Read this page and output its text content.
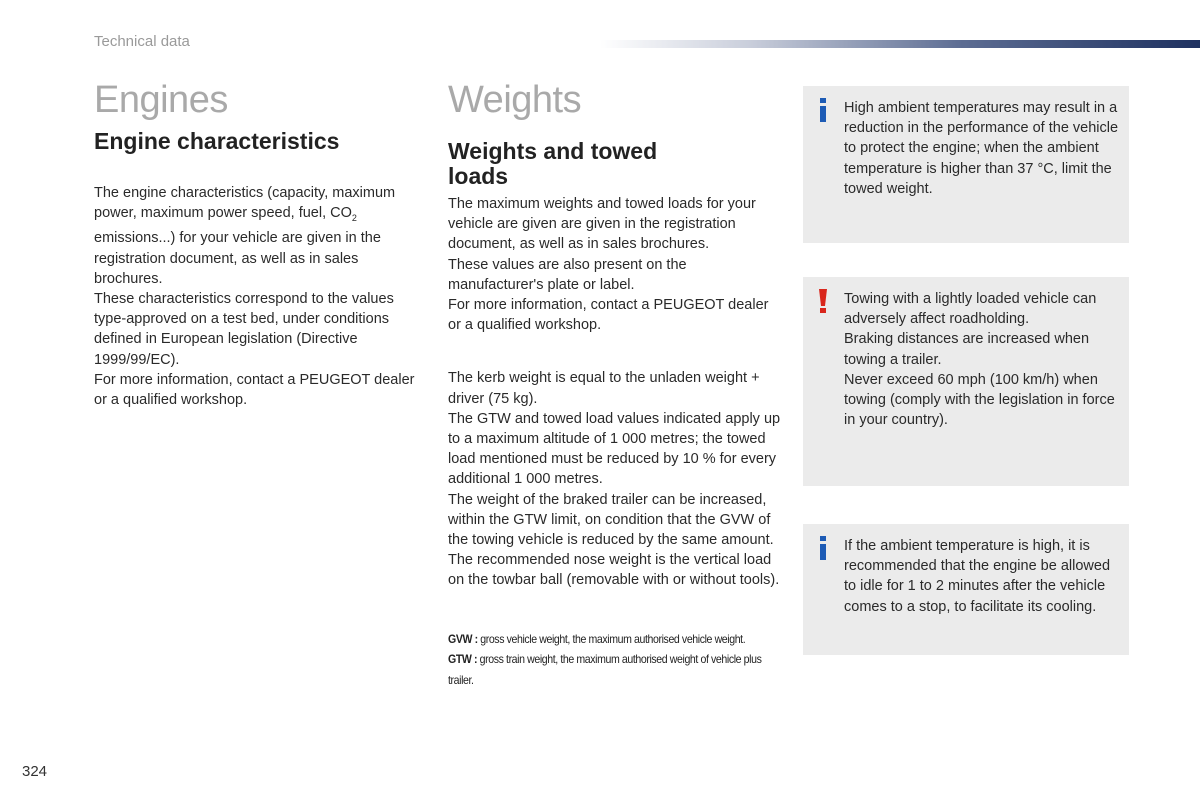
Technical data
Engines
Engine characteristics

The engine characteristics (capacity, maximum power, maximum power speed, fuel, $CO_2$ emissions...) for your vehicle are given in the registration document, as well as in sales brochures.

These characteristics correspond to the values type-approved on a test bed, under conditions defined in European legislation (Directive 1999/99/EC).

For more information, contact a PEUGEOT dealer or a qualified workshop.

Weights
Weights and towed loads

The maximum weights and towed loads for your vehicle are given are given in the registration document, as well as in sales brochures.

These values are also present on the manufacturer's plate or label.

For more information, contact a PEUGEOT dealer or a qualified workshop.

The kerb weight is equal to the unladen weight + driver (75 kg).

The GTW and towed load values indicated apply up to a maximum altitude of 1 000 metres; the towed load mentioned must be reduced by 10 % for every additional 1 000 metres.

The weight of the braked trailer can be increased, within the GTW limit, on condition that the GVW of the towing vehicle is reduced by the same amount.

The recommended nose weight is the vertical load on the towbar ball (removable with or without tools).

GVW : gross vehicle weight, the maximum authorised vehicle weight.
GTW : gross train weight, the maximum authorised weight of vehicle plus trailer.

High ambient temperatures may result in a reduction in the performance of the vehicle to protect the engine; when the ambient temperature is higher than 37 °C, limit the towed weight.

Towing with a lightly loaded vehicle can adversely affect roadholding.

Braking distances are increased when towing a trailer.

Never exceed 60 mph (100 km/h) when towing (comply with the legislation in force in your country).

If the ambient temperature is high, it is recommended that the engine be allowed to idle for 1 to 2 minutes after the vehicle comes to a stop, to facilitate its cooling.

324
